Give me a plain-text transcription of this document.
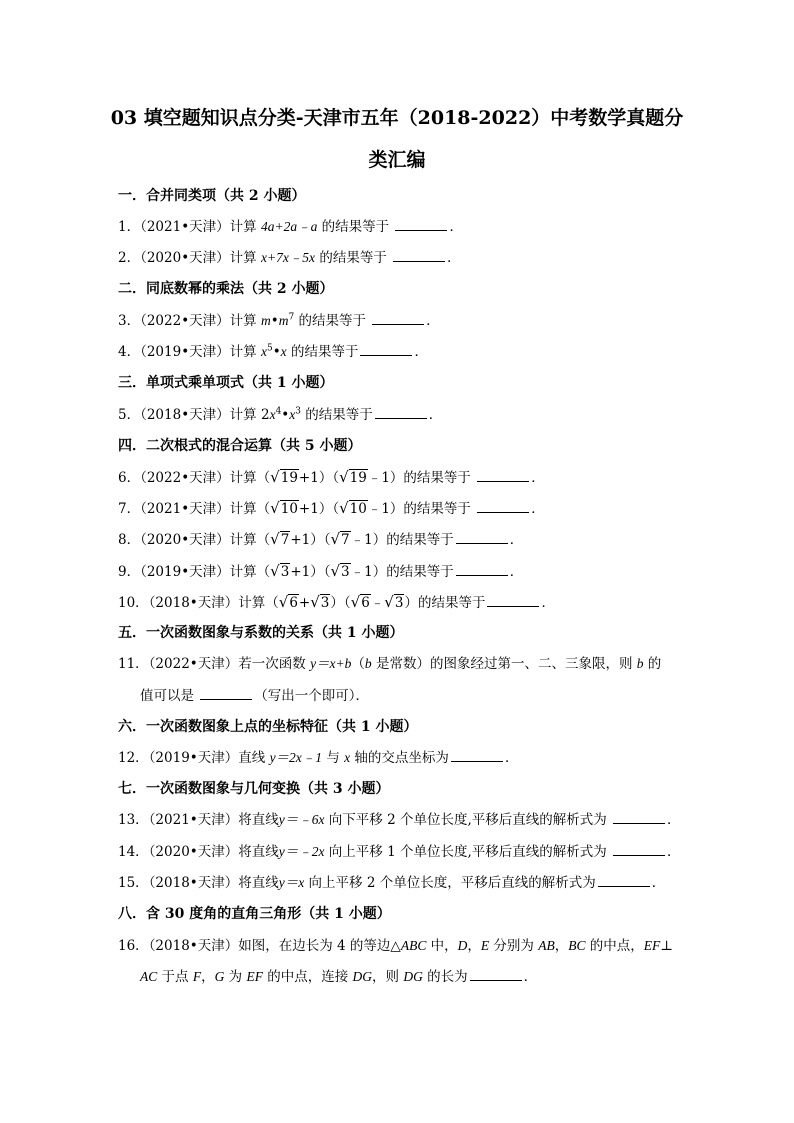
03 填空题知识点分类-天津市五年（2018-2022）中考数学真题分
类汇编
一．合并同类项（共 2 小题）
1．（2021•天津）计算 4a+2a﹣a 的结果等于	．
2．（2020•天津）计算 x+7x﹣5x 的结果等于	．
二．同底数幂的乘法（共 2 小题）
3．（2022•天津）计算 $m•m^7$ 的结果等于	．
4．（2019•天津）计算 $x^5•x$ 的结果等于	．
三．单项式乘单项式（共 1 小题）
5．（2018•天津）计算 $2x^4•x^3$ 的结果等于	．
四．二次根式的混合运算（共 5 小题）
6．（2022•天津）计算（√19+1）（√19﹣1）的结果等于	．
7．（2021•天津）计算（√10+1）（√10﹣1）的结果等于	．
8．（2020•天津）计算（√7+1）（√7﹣1）的结果等于	．
9．（2019•天津）计算（√3+1）（√3﹣1）的结果等于	．
10．（2018•天津）计算（√6+√3）（√6﹣√3）的结果等于	．
五．一次函数图象与系数的关系（共 1 小题）
11．（2022•天津）若一次函数 y＝x+b（b 是常数）的图象经过第一、二、三象限，则 b 的
值可以是	（写出一个即可）．
六．一次函数图象上点的坐标特征（共 1 小题）
12．（2019•天津）直线 y＝2x﹣1 与 x 轴的交点坐标为	．
七．一次函数图象与几何变换（共 3 小题）
13．（2021•天津）将直线y＝﹣6x 向下平移 2 个单位长度,平移后直线的解析式为	．
14．（2020•天津）将直线y＝﹣2x 向上平移 1 个单位长度,平移后直线的解析式为	．
15．（2018•天津）将直线y＝x 向上平移 2 个单位长度，平移后直线的解析式为	．
八．含 30 度角的直角三角形（共 1 小题）
16．（2018•天津）如图，在边长为 4 的等边△ABC 中，D，E 分别为 AB，BC 的中点，EF⊥
AC 于点 F，G 为 EF 的中点，连接 DG，则 DG 的长为	．
